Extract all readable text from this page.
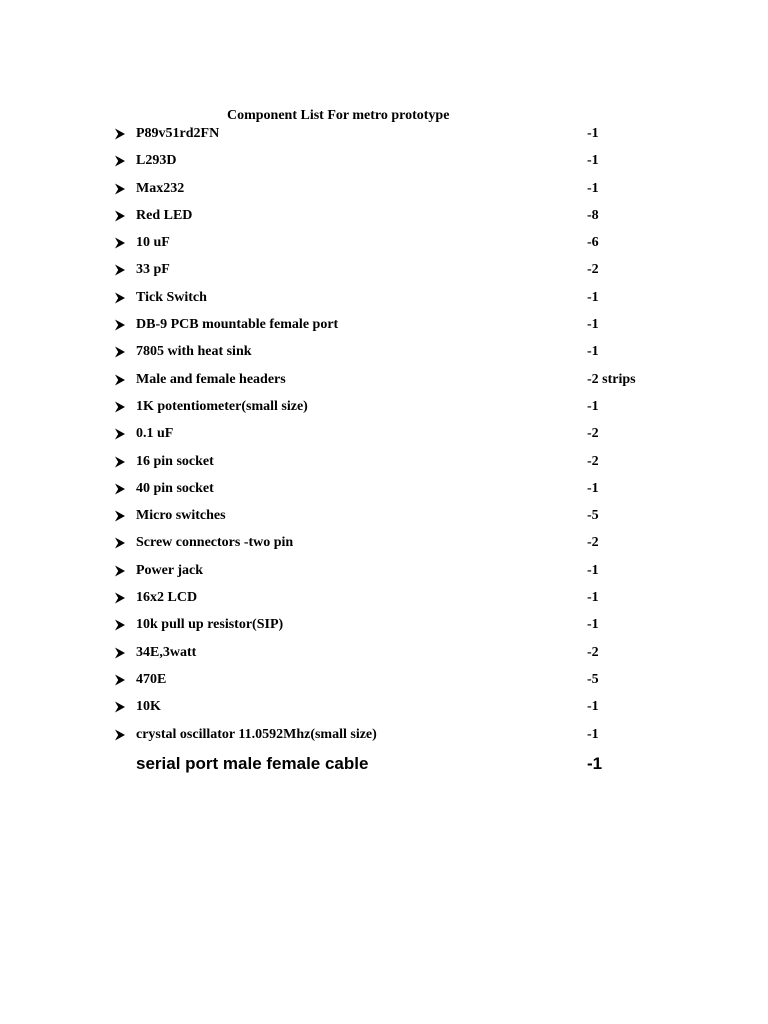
Component List For metro prototype
P89v51rd2FN	-1
L293D	-1
Max232	-1
Red LED	-8
10 uF	-6
33 pF	-2
Tick Switch	-1
DB-9 PCB mountable female port	-1
7805 with heat sink	-1
Male and female headers	-2 strips
1K potentiometer(small size)	-1
0.1 uF	-2
16 pin socket	-2
40 pin socket	-1
Micro switches	-5
Screw connectors -two pin	-2
Power jack	-1
16x2 LCD	-1
10k pull up resistor(SIP)	-1
34E,3watt	-2
470E	-5
10K	-1
crystal oscillator 11.0592Mhz(small size)	-1
serial port male female cable	-1
